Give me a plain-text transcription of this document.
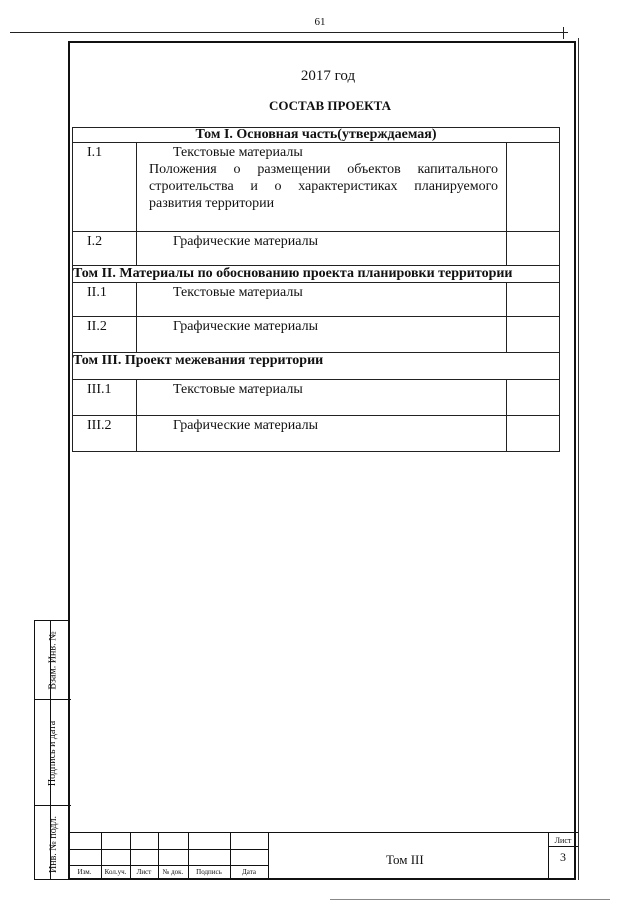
61
2017 год
СОСТАВ ПРОЕКТА
Том I. Основная часть(утверждаемая)		
I.1	Текстовые материалы
Положения о размещении объектов капитального строительства и о характеристиках планируемого развития территории	

I.2	Графические материалы	

Том II. Материалы по обоснованию проекта планировки территории		
II.1	Текстовые материалы	

II.2	Графические материалы	

Том III. Проект межевания территории		
III.1	Текстовые материалы	

III.2	Графические материалы	

Взам. Инв. №
Подпись и дата
Инв. № подл.	Изм.	Кол.уч.	Лист	№ док.	Подпись	Дата
Том III
Лист
3
